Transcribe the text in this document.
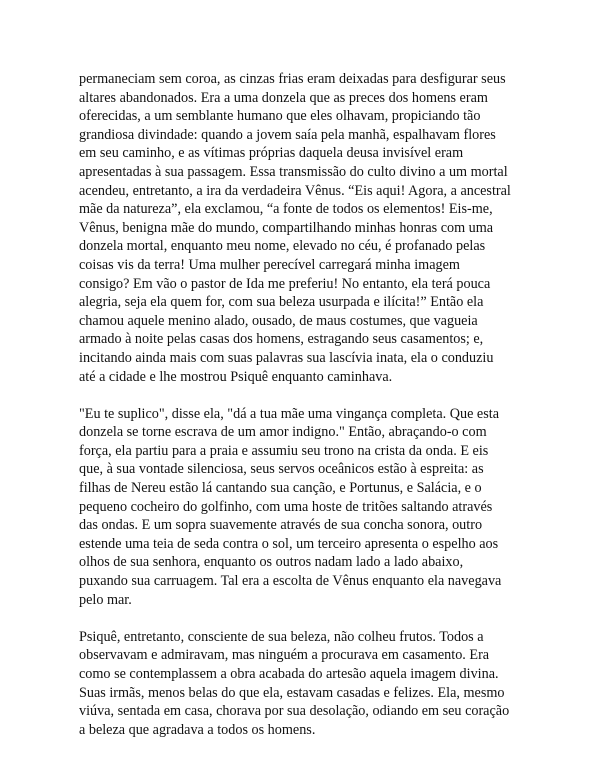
permaneciam sem coroa, as cinzas frias eram deixadas para desfigurar seus
altares abandonados. Era a uma donzela que as preces dos homens eram
oferecidas, a um semblante humano que eles olhavam, propiciando tão
grandiosa divindade: quando a jovem saía pela manhã, espalhavam flores
em seu caminho, e as vítimas próprias daquela deusa invisível eram
apresentadas à sua passagem. Essa transmissão do culto divino a um mortal
acendeu, entretanto, a ira da verdadeira Vênus. “Eis aqui! Agora, a ancestral
mãe da natureza”, ela exclamou, “a fonte de todos os elementos! Eis-me,
Vênus, benigna mãe do mundo, compartilhando minhas honras com uma
donzela mortal, enquanto meu nome, elevado no céu, é profanado pelas
coisas vis da terra! Uma mulher perecível carregará minha imagem
consigo? Em vão o pastor de Ida me preferiu! No entanto, ela terá pouca
alegria, seja ela quem for, com sua beleza usurpada e ilícita!” Então ela
chamou aquele menino alado, ousado, de maus costumes, que vagueia
armado à noite pelas casas dos homens, estragando seus casamentos; e,
incitando ainda mais com suas palavras sua lascívia inata, ela o conduziu
até a cidade e lhe mostrou Psiquê enquanto caminhava.

"Eu te suplico", disse ela, "dá a tua mãe uma vingança completa. Que esta
donzela se torne escrava de um amor indigno." Então, abraçando-o com
força, ela partiu para a praia e assumiu seu trono na crista da onda. E eis
que, à sua vontade silenciosa, seus servos oceânicos estão à espreita: as
filhas de Nereu estão lá cantando sua canção, e Portunus, e Salácia, e o
pequeno cocheiro do golfinho, com uma hoste de tritões saltando através
das ondas. E um sopra suavemente através de sua concha sonora, outro
estende uma teia de seda contra o sol, um terceiro apresenta o espelho aos
olhos de sua senhora, enquanto os outros nadam lado a lado abaixo,
puxando sua carruagem. Tal era a escolta de Vênus enquanto ela navegava
pelo mar.

Psiquê, entretanto, consciente de sua beleza, não colheu frutos. Todos a
observavam e admiravam, mas ninguém a procurava em casamento. Era
como se contemplassem a obra acabada do artesão aquela imagem divina.
Suas irmãs, menos belas do que ela, estavam casadas e felizes. Ela, mesmo
viúva, sentada em casa, chorava por sua desolação, odiando em seu coração
a beleza que agradava a todos os homens.
